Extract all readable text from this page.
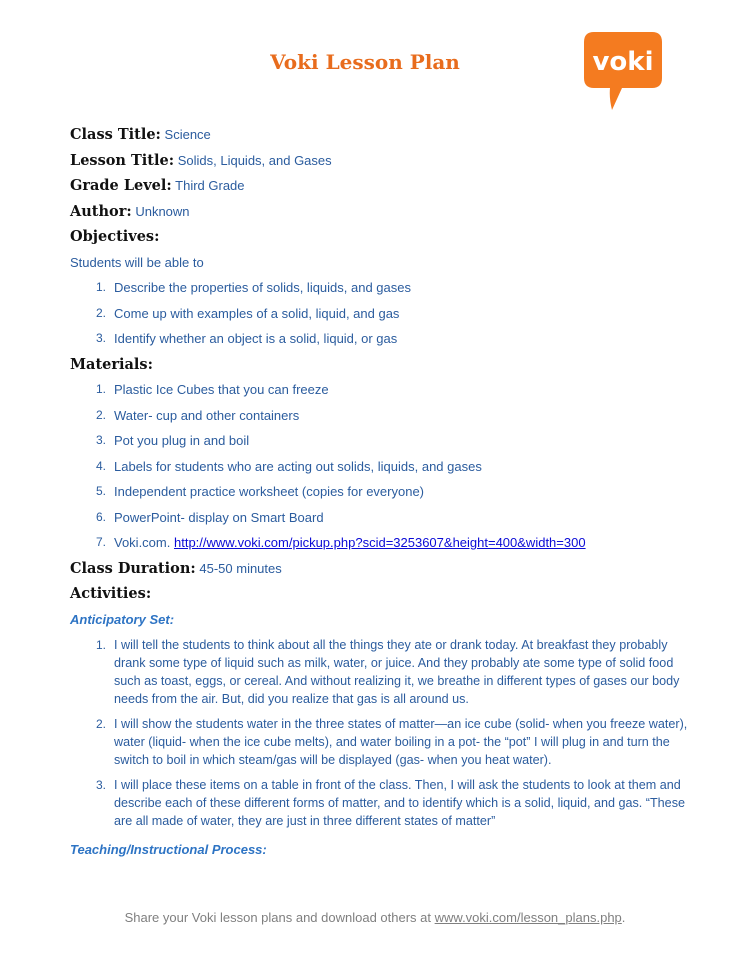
Voki Lesson Plan	voki
Class Title: Science
Lesson Title: Solids, Liquids, and Gases
Grade Level: Third Grade
Author: Unknown
Objectives:
Students will be able to
1. Describe the properties of solids, liquids, and gases
2. Come up with examples of a solid, liquid, and gas
3. Identify whether an object is a solid, liquid, or gas
Materials:
1. Plastic Ice Cubes that you can freeze
2. Water- cup and other containers
3. Pot you plug in and boil
4. Labels for students who are acting out solids, liquids, and gases
5. Independent practice worksheet (copies for everyone)
6. PowerPoint- display on Smart Board
7. Voki.com. http://www.voki.com/pickup.php?scid=3253607&height=400&width=300
Class Duration: 45-50 minutes
Activities:
Anticipatory Set:
1. I will tell the students to think about all the things they ate or drank today. At breakfast they probably drank some type of liquid such as milk, water, or juice. And they probably ate some type of solid food such as toast, eggs, or cereal. And without realizing it, we breathe in different types of gases our body needs from the air. But, did you realize that gas is all around us.
2. I will show the students water in the three states of matter—an ice cube (solid- when you freeze water), water (liquid- when the ice cube melts), and water boiling in a pot- the “pot” I will plug in and turn the switch to boil in which steam/gas will be displayed (gas- when you heat water).
3. I will place these items on a table in front of the class. Then, I will ask the students to look at them and describe each of these different forms of matter, and to identify which is a solid, liquid, and gas. “These are all made of water, they are just in three different states of matter”
Teaching/Instructional Process:
Share your Voki lesson plans and download others at www.voki.com/lesson_plans.php.
